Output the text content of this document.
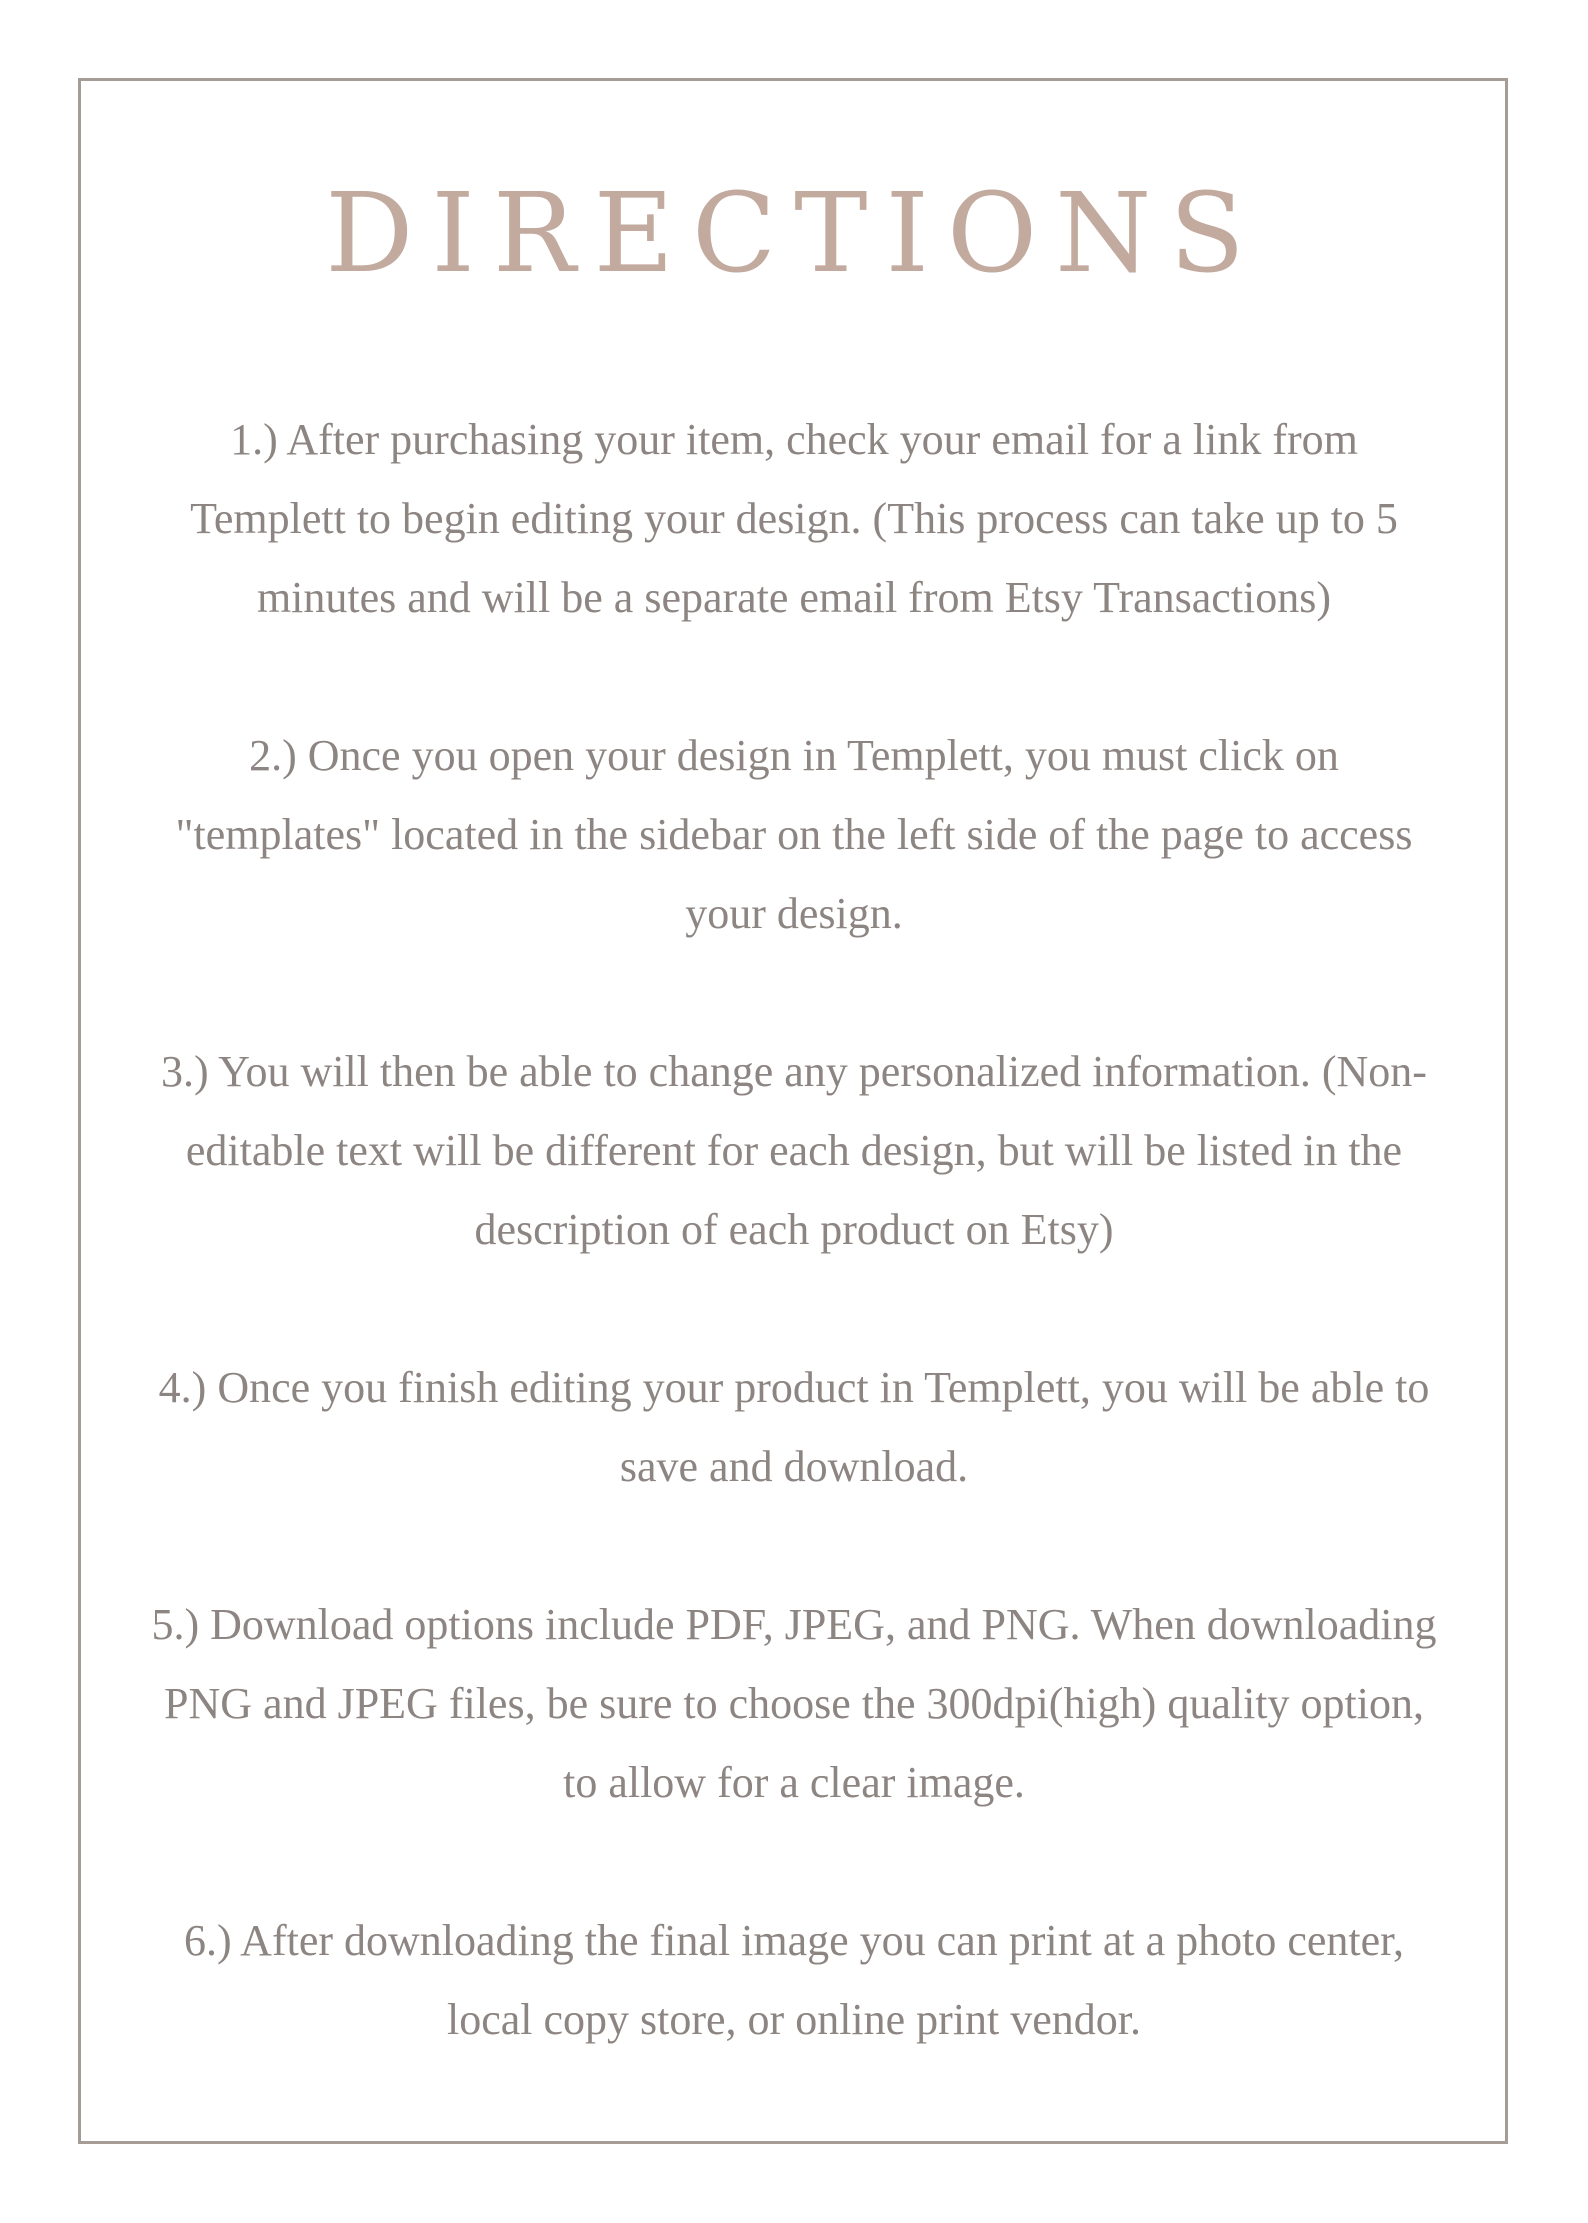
DIRECTIONS
1.) After purchasing your item, check your email for a link from Templett to begin editing your design. (This process can take up to 5 minutes and will be a separate email from Etsy Transactions)
2.) Once you open your design in Templett, you must click on "templates" located in the sidebar on the left side of the page to access your design.
3.) You will then be able to change any personalized information. (Non-editable text will be different for each design, but will be listed in the description of each product on Etsy)
4.) Once you finish editing your product in Templett, you will be able to save and download.
5.) Download options include PDF, JPEG, and PNG. When downloading PNG and JPEG files, be sure to choose the 300dpi(high) quality option, to allow for a clear image.
6.) After downloading the final image you can print at a photo center, local copy store, or online print vendor.
